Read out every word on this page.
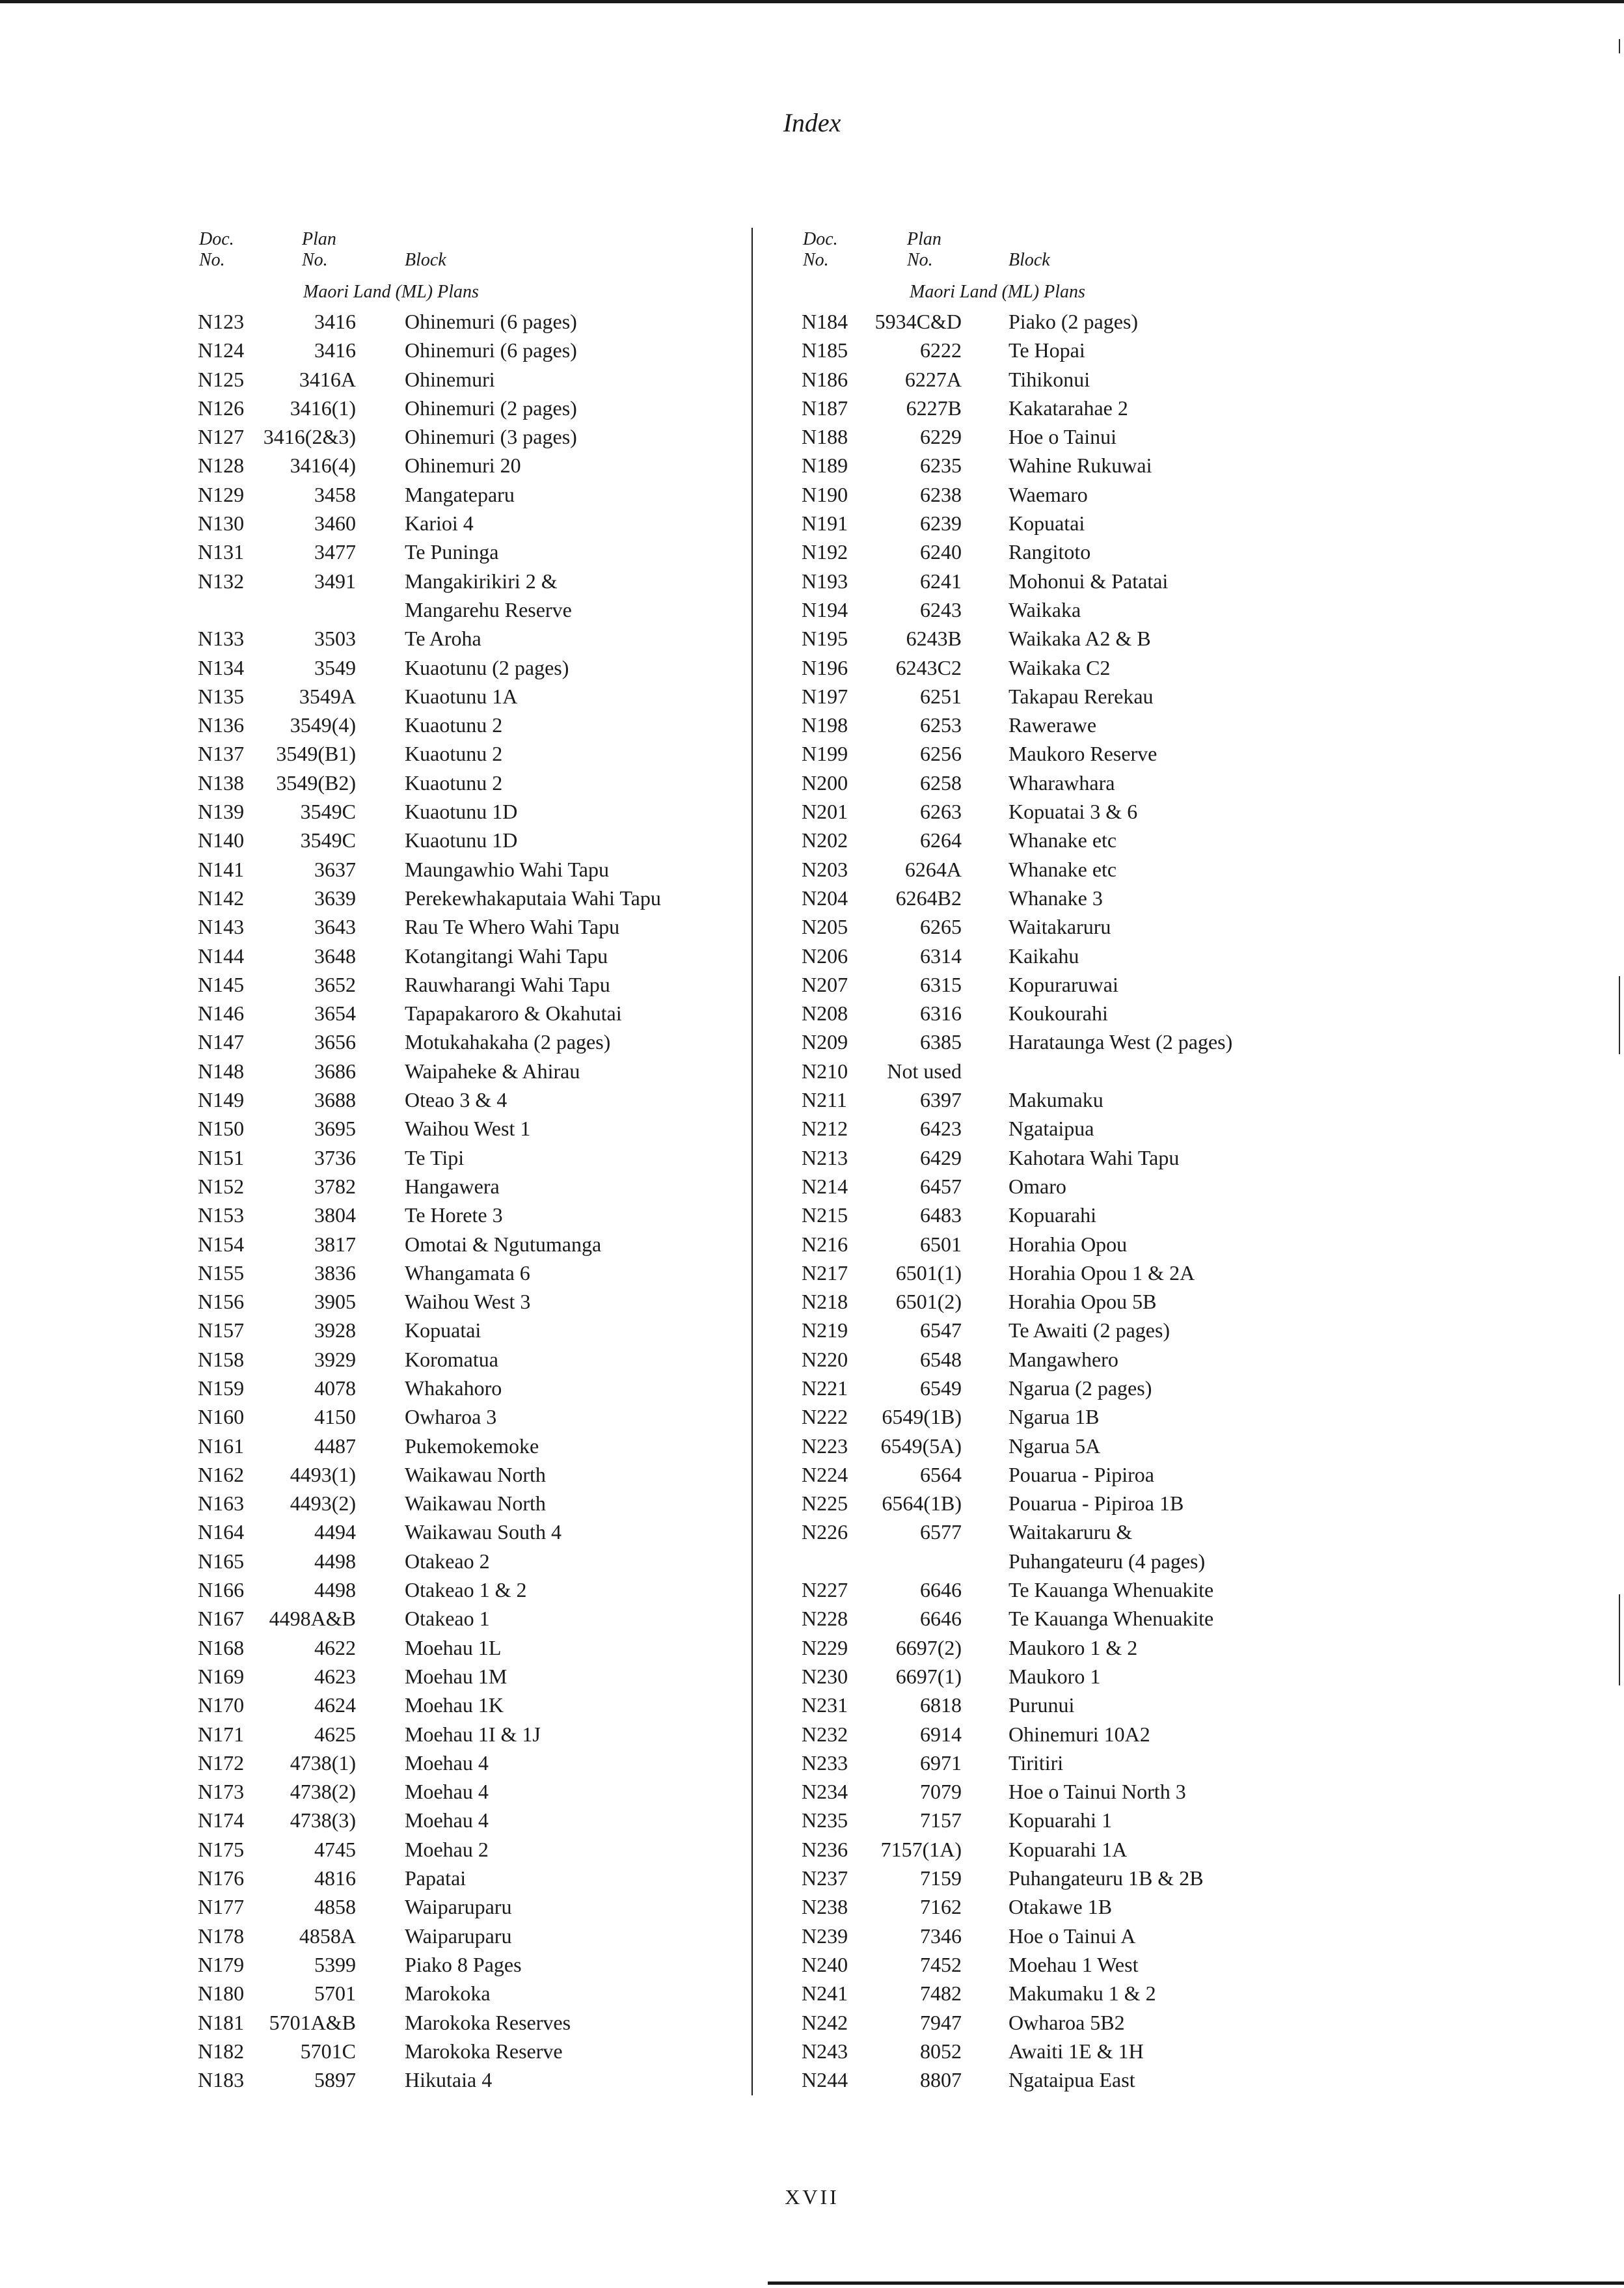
Index
Doc.
No.
Plan
No.	Block
Maori Land (ML) Plans
N123	3416 Ohinemuri (6 pages)
N124	3416 Ohinemuri (6 pages)
N125	3416A Ohinemuri
N126	3416(1) Ohinemuri (2 pages)
N127 3416(2&3) Ohinemuri (3 pages)
N128	3416(4) Ohinemuri 20
N129	3458 Mangateparu
N130	3460 Karioi 4
N131	3477 Te Puninga
N132	3491 Mangakirikiri 2 &
Mangarehu Reserve
N133	3503 Te Aroha
N134	3549 Kuaotunu (2 pages)
N135	3549A Kuaotunu 1A
N136	3549(4) Kuaotunu 2
N137	3549(B1) Kuaotunu 2
N138	3549(B2) Kuaotunu 2
N139	3549C Kuaotunu 1D
N140	3549C Kuaotunu 1D
N141	3637 Maungawhio Wahi Tapu
N142	3639 Perekewhakaputaia Wahi Tapu
N143	3643 Rau Te Whero Wahi Tapu
N144	3648 Kotangitangi Wahi Tapu
N145	3652 Rauwharangi Wahi Tapu
N146	3654 Tapapakaroro & Okahutai
N147	3656 Motukahakaha (2 pages)
N148	3686 Waipaheke & Ahirau
N149	3688 Oteao 3 & 4
N150	3695 Waihou West 1
N151	3736 Te Tipi
N152	3782 Hangawera
N153	3804 Te Horete 3
N154	3817 Omotai & Ngutumanga
N155	3836 Whangamata 6
N156	3905 Waihou West 3
N157	3928 Kopuatai
N158	3929 Koromatua
N159	4078 Whakahoro
N160	4150 Owharoa 3
N161	4487 Pukemokemoke
N162	4493(1) Waikawau North
N163	4493(2) Waikawau North
N164	4494 Waikawau South 4
N165	4498 Otakeao 2
N166	4498 Otakeao 1 & 2
N167	4498A&B Otakeao 1
N168	4622 Moehau 1L
N169	4623 Moehau 1M
N170	4624 Moehau 1K
N171	4625 Moehau 1I & 1J
N172	4738(1) Moehau 4
N173	4738(2) Moehau 4
N174	4738(3) Moehau 4
N175	4745 Moehau 2
N176	4816 Papatai
N177	4858 Waiparuparu
N178	4858A Waiparuparu
N179	5399 Piako 8 Pages
N180	5701 Marokoka
N181	5701A&B Marokoka Reserves
N182	5701C Marokoka Reserve
N183	5897 Hikutaia 4
Doc.
No.
Plan
No.	Block
Maori Land (ML) Plans
N184	5934C&D Piako (2 pages)
N185	6222 Te Hopai
N186	6227A Tihikonui
N187	6227B Kakatarahae 2
N188	6229 Hoe o Tainui
N189	6235 Wahine Rukuwai
N190	6238 Waemaro
N191	6239 Kopuatai
N192	6240 Rangitoto
N193	6241 Mohonui & Patatai
N194	6243 Waikaka
N195	6243B Waikaka A2 & B
N196	6243C2 Waikaka C2
N197	6251 Takapau Rerekau
N198	6253 Rawerawe
N199	6256 Maukoro Reserve
N200	6258 Wharawhara
N201	6263 Kopuatai 3 & 6
N202	6264 Whanake etc
N203	6264A Whanake etc
N204	6264B2 Whanake 3
N205	6265 Waitakaruru
N206	6314 Kaikahu
N207	6315 Kopuraruwai
N208	6316 Koukourahi
N209	6385 Harataunga West (2 pages)
N210	Not used
N211	6397 Makumaku
N212	6423 Ngataipua
N213	6429 Kahotara Wahi Tapu
N214	6457 Omaro
N215	6483 Kopuarahi
N216	6501 Horahia Opou
N217	6501(1) Horahia Opou 1 & 2A
N218	6501(2) Horahia Opou 5B
N219	6547 Te Awaiti (2 pages)
N220	6548 Mangawhero
N221	6549 Ngarua (2 pages)
N222	6549(1B) Ngarua 1B
N223	6549(5A) Ngarua 5A
N224	6564 Pouarua - Pipiroa
N225	6564(1B) Pouarua - Pipiroa 1B
N226	6577 Waitakaruru &
Puhangateuru (4 pages)
N227	6646 Te Kauanga Whenuakite
N228	6646 Te Kauanga Whenuakite
N229	6697(2) Maukoro 1 & 2
N230	6697(1) Maukoro 1
N231	6818 Purunui
N232	6914 Ohinemuri 10A2
N233	6971 Tiritiri
N234	7079 Hoe o Tainui North 3
N235	7157 Kopuarahi 1
N236	7157(1A) Kopuarahi 1A
N237	7159 Puhangateuru 1B & 2B
N238	7162 Otakawe 1B
N239	7346 Hoe o Tainui A
N240	7452 Moehau 1 West
N241	7482 Makumaku 1 & 2
N242	7947 Owharoa 5B2
N243	8052 Awaiti 1E & 1H
N244	8807 Ngataipua East
XVII
